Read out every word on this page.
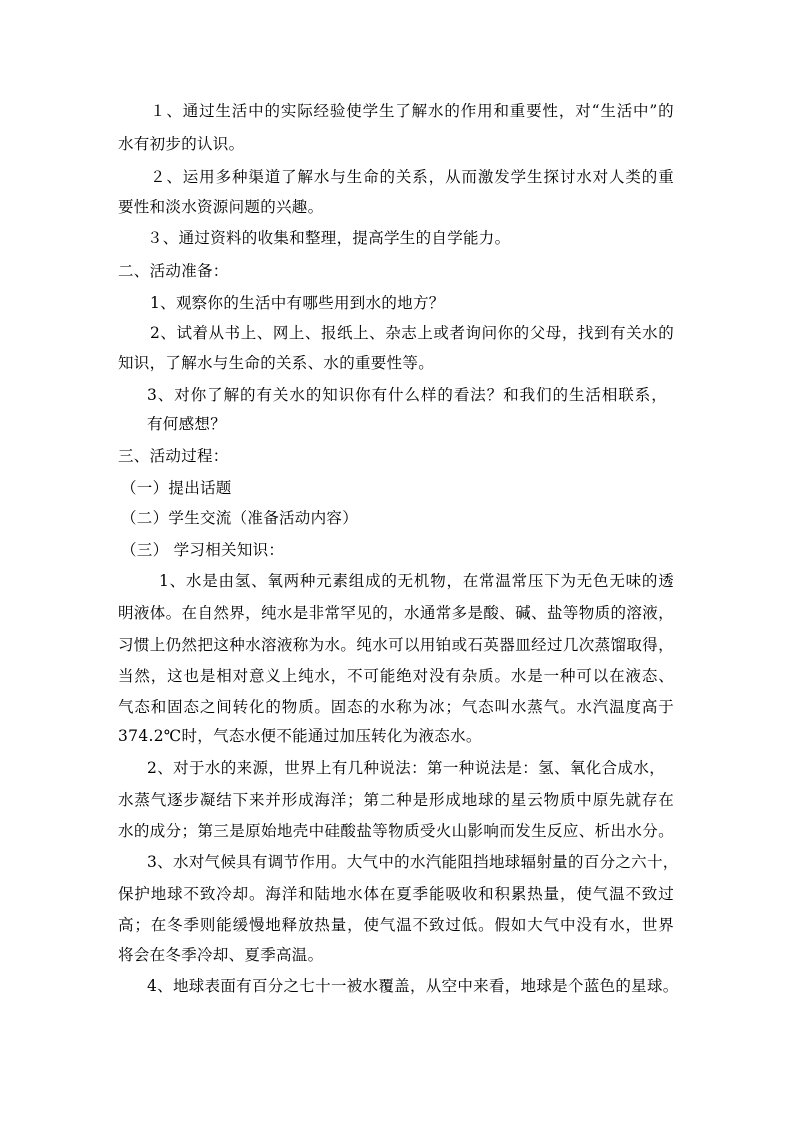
１、通过生活中的实际经验使学生了解水的作用和重要性，对“生活中”的
水有初步的认识。
２、运用多种渠道了解水与生命的关系，从而激发学生探讨水对人类的重
要性和淡水资源问题的兴趣。
３、通过资料的收集和整理，提高学生的自学能力。
二、活动准备：
1、观察你的生活中有哪些用到水的地方？
2、试着从书上、网上、报纸上、杂志上或者询问你的父母，找到有关水的
知识，了解水与生命的关系、水的重要性等。
3、对你了解的有关水的知识你有什么样的看法？和我们的生活相联系，
有何感想？
三、活动过程：
（一）提出话题
（二）学生交流（准备活动内容）
（三） 学习相关知识：
1、水是由氢、氧两种元素组成的无机物，在常温常压下为无色无味的透
明液体。在自然界，纯水是非常罕见的，水通常多是酸、碱、盐等物质的溶液，
习惯上仍然把这种水溶液称为水。纯水可以用铂或石英器皿经过几次蒸馏取得，
当然，这也是相对意义上纯水，不可能绝对没有杂质。水是一种可以在液态、
气态和固态之间转化的物质。固态的水称为冰；气态叫水蒸气。水汽温度高于
374.2℃时，气态水便不能通过加压转化为液态水。
2、对于水的来源，世界上有几种说法：第一种说法是：氢、氧化合成水，
水蒸气逐步凝结下来并形成海洋；第二种是形成地球的星云物质中原先就存在
水的成分；第三是原始地壳中硅酸盐等物质受火山影响而发生反应、析出水分。
3、水对气候具有调节作用。大气中的水汽能阻挡地球辐射量的百分之六十，
保护地球不致冷却。海洋和陆地水体在夏季能吸收和积累热量，使气温不致过
高；在冬季则能缓慢地释放热量，使气温不致过低。假如大气中没有水，世界
将会在冬季冷却、夏季高温。
4、地球表面有百分之七十一被水覆盖，从空中来看，地球是个蓝色的星球。
